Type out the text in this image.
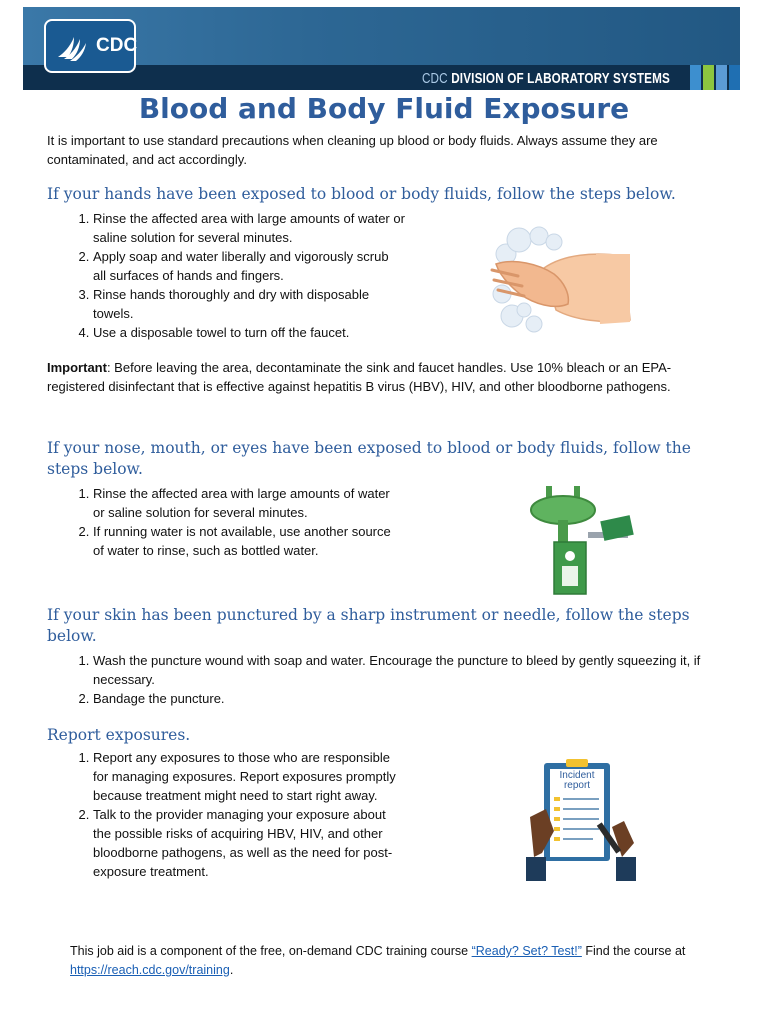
CDC
CDC DIVISION OF LABORATORY SYSTEMS
Blood and Body Fluid Exposure

It is important to use standard precautions when cleaning up blood or body fluids. Always assume they are contaminated, and act accordingly.

If your hands have been exposed to blood or body fluids, follow the steps below.

1. Rinse the affected area with large amounts of water or saline solution for several minutes.
2. Apply soap and water liberally and vigorously scrub all surfaces of hands and fingers.
3. Rinse hands thoroughly and dry with disposable towels.
4. Use a disposable towel to turn off the faucet.

Important: Before leaving the area, decontaminate the sink and faucet handles. Use 10% bleach or an EPA-registered disinfectant that is effective against hepatitis B virus (HBV), HIV, and other bloodborne pathogens.

If your nose, mouth, or eyes have been exposed to blood or body fluids, follow the steps below.

1. Rinse the affected area with large amounts of water or saline solution for several minutes.
2. If running water is not available, use another source of water to rinse, such as bottled water.

If your skin has been punctured by a sharp instrument or needle, follow the steps below.

1. Wash the puncture wound with soap and water. Encourage the puncture to bleed by gently squeezing it, if necessary.
2. Bandage the puncture.

Report exposures.

1. Report any exposures to those who are responsible for managing exposures. Report exposures promptly because treatment might need to start right away.
2. Talk to the provider managing your exposure about the possible risks of acquiring HBV, HIV, and other bloodborne pathogens, as well as the need for post-exposure treatment.
Incident
report

This job aid is a component of the free, on-demand CDC training course “Ready? Set? Test!” Find the course at https://reach.cdc.gov/training.
